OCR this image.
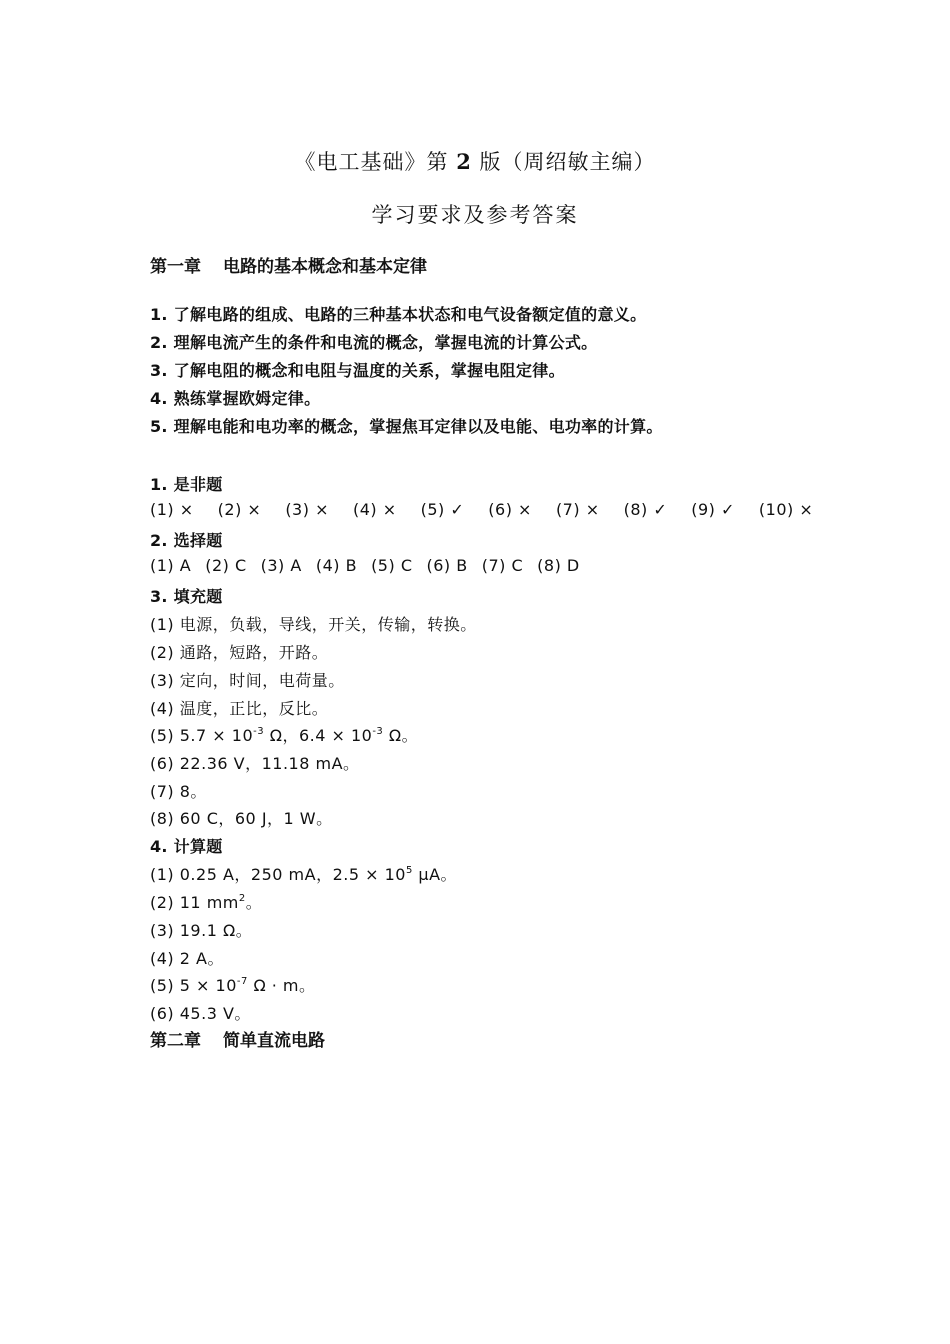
《电工基础》第 2 版（周绍敏主编）
学习要求及参考答案
第一章 电路的基本概念和基本定律
1. 了解电路的组成、电路的三种基本状态和电气设备额定值的意义。
2. 理解电流产生的条件和电流的概念，掌握电流的计算公式。
3. 了解电阻的概念和电阻与温度的关系，掌握电阻定律。
4. 熟练掌握欧姆定律。
5. 理解电能和电功率的概念，掌握焦耳定律以及电能、电功率的计算。
1. 是非题
(1) × (2) × (3) × (4) × (5) ✓ (6) × (7) × (8) ✓ (9) ✓ (10) ×
2. 选择题
(1) A (2) C (3) A (4) B (5) C (6) B (7) C (8) D
3. 填充题
(1) 电源，负载，导线，开关，传输，转换。
(2) 通路，短路，开路。
(3) 定向，时间，电荷量。
(4) 温度，正比，反比。
(5) $5.7 \times 10^{-3}$ Ω，$6.4 \times 10^{-3}$ Ω。
(6) 22.36 V，11.18 mA。
(7) 8。
(8) 60 C，60 J，1 W。
4. 计算题
(1) 0.25 A，250 mA，$2.5 \times 10^5$ μA。
(2) 11 $mm^2$。
(3) 19.1 Ω。
(4) 2 A。
(5) $5 \times 10^{-7}$ Ω · m。
(6) 45.3 V。
第二章 简单直流电路
